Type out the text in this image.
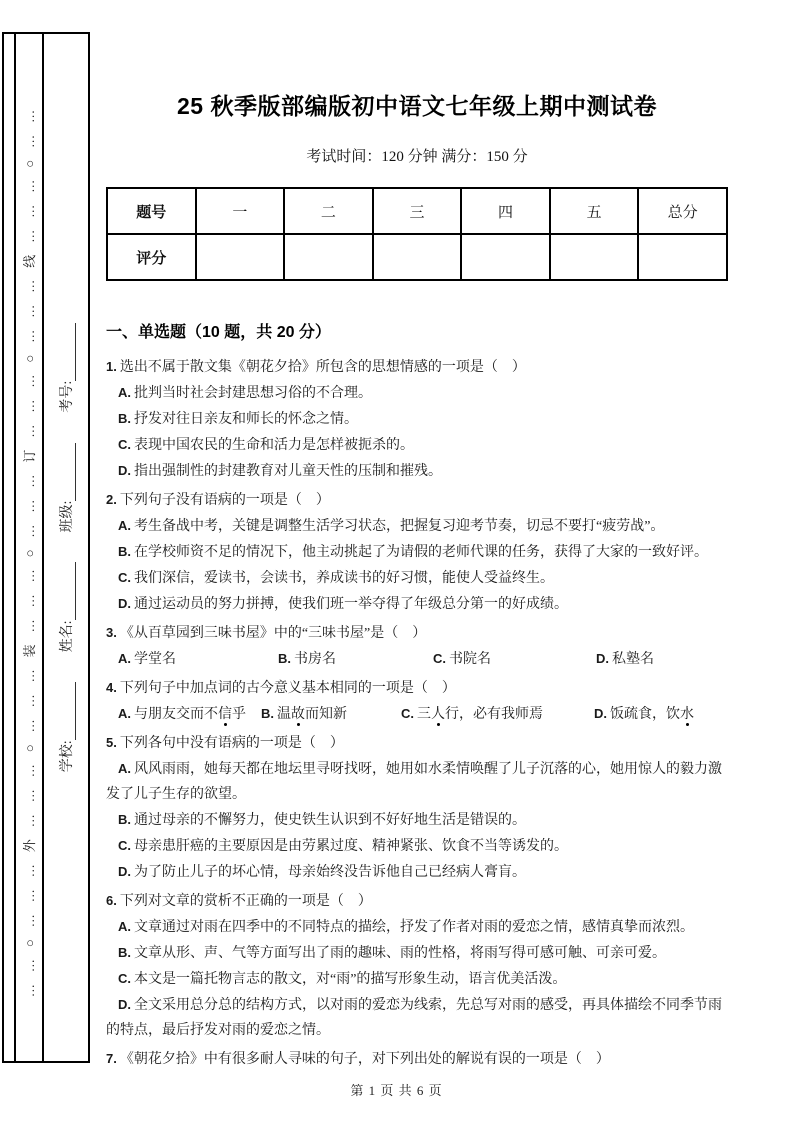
……○………外………○………装………○………订………○………线………○…… 学校:
姓名:
班级:
考号:
25 秋季版部编版初中语文七年级上期中测试卷
考试时间：120 分钟 满分：150 分
题号	一	二	三	四	五	总分
评分						
一、单选题（10 题，共 20 分）
1. 选出不属于散文集《朝花夕拾》所包含的思想情感的一项是（　）
A. 批判当时社会封建思想习俗的不合理。
B. 抒发对往日亲友和师长的怀念之情。
C. 表现中国农民的生命和活力是怎样被扼杀的。
D. 指出强制性的封建教育对儿童天性的压制和摧残。
2. 下列句子没有语病的一项是（　）
A. 考生备战中考，关键是调整生活学习状态，把握复习迎考节奏，切忌不要打“疲劳战”。
B. 在学校师资不足的情况下，他主动挑起了为请假的老师代课的任务，获得了大家的一致好评。
C. 我们深信，爱读书，会读书，养成读书的好习惯，能使人受益终生。
D. 通过运动员的努力拼搏，使我们班一举夺得了年级总分第一的好成绩。
3. 《从百草园到三味书屋》中的“三味书屋”是（　）
A. 学堂名	B. 书房名	C. 书院名	D. 私塾名
4. 下列句子中加点词的古今意义基本相同的一项是（　）
A. 与朋友交而不信乎	B. 温故而知新	C. 三人行，必有我师焉	D. 饭疏食，饮水
5. 下列各句中没有语病的一项是（　）
A. 风风雨雨，她每天都在地坛里寻呀找呀，她用如水柔情唤醒了儿子沉落的心，她用惊人的毅力激发了儿子生存的欲望。
B. 通过母亲的不懈努力，使史铁生认识到不好好地生活是错误的。
C. 母亲患肝癌的主要原因是由劳累过度、精神紧张、饮食不当等诱发的。
D. 为了防止儿子的坏心情，母亲始终没告诉他自己已经病人膏肓。
6. 下列对文章的赏析不正确的一项是（　）
A. 文章通过对雨在四季中的不同特点的描绘，抒发了作者对雨的爱恋之情，感情真挚而浓烈。
B. 文章从形、声、气等方面写出了雨的趣味、雨的性格，将雨写得可感可触、可亲可爱。
C. 本文是一篇托物言志的散文，对“雨”的描写形象生动，语言优美活泼。
D. 全文采用总分总的结构方式，以对雨的爱恋为线索，先总写对雨的感受，再具体描绘不同季节雨的特点，最后抒发对雨的爱恋之情。
7. 《朝花夕拾》中有很多耐人寻味的句子，对下列出处的解说有误的一项是（　）
第 1 页 共 6 页
